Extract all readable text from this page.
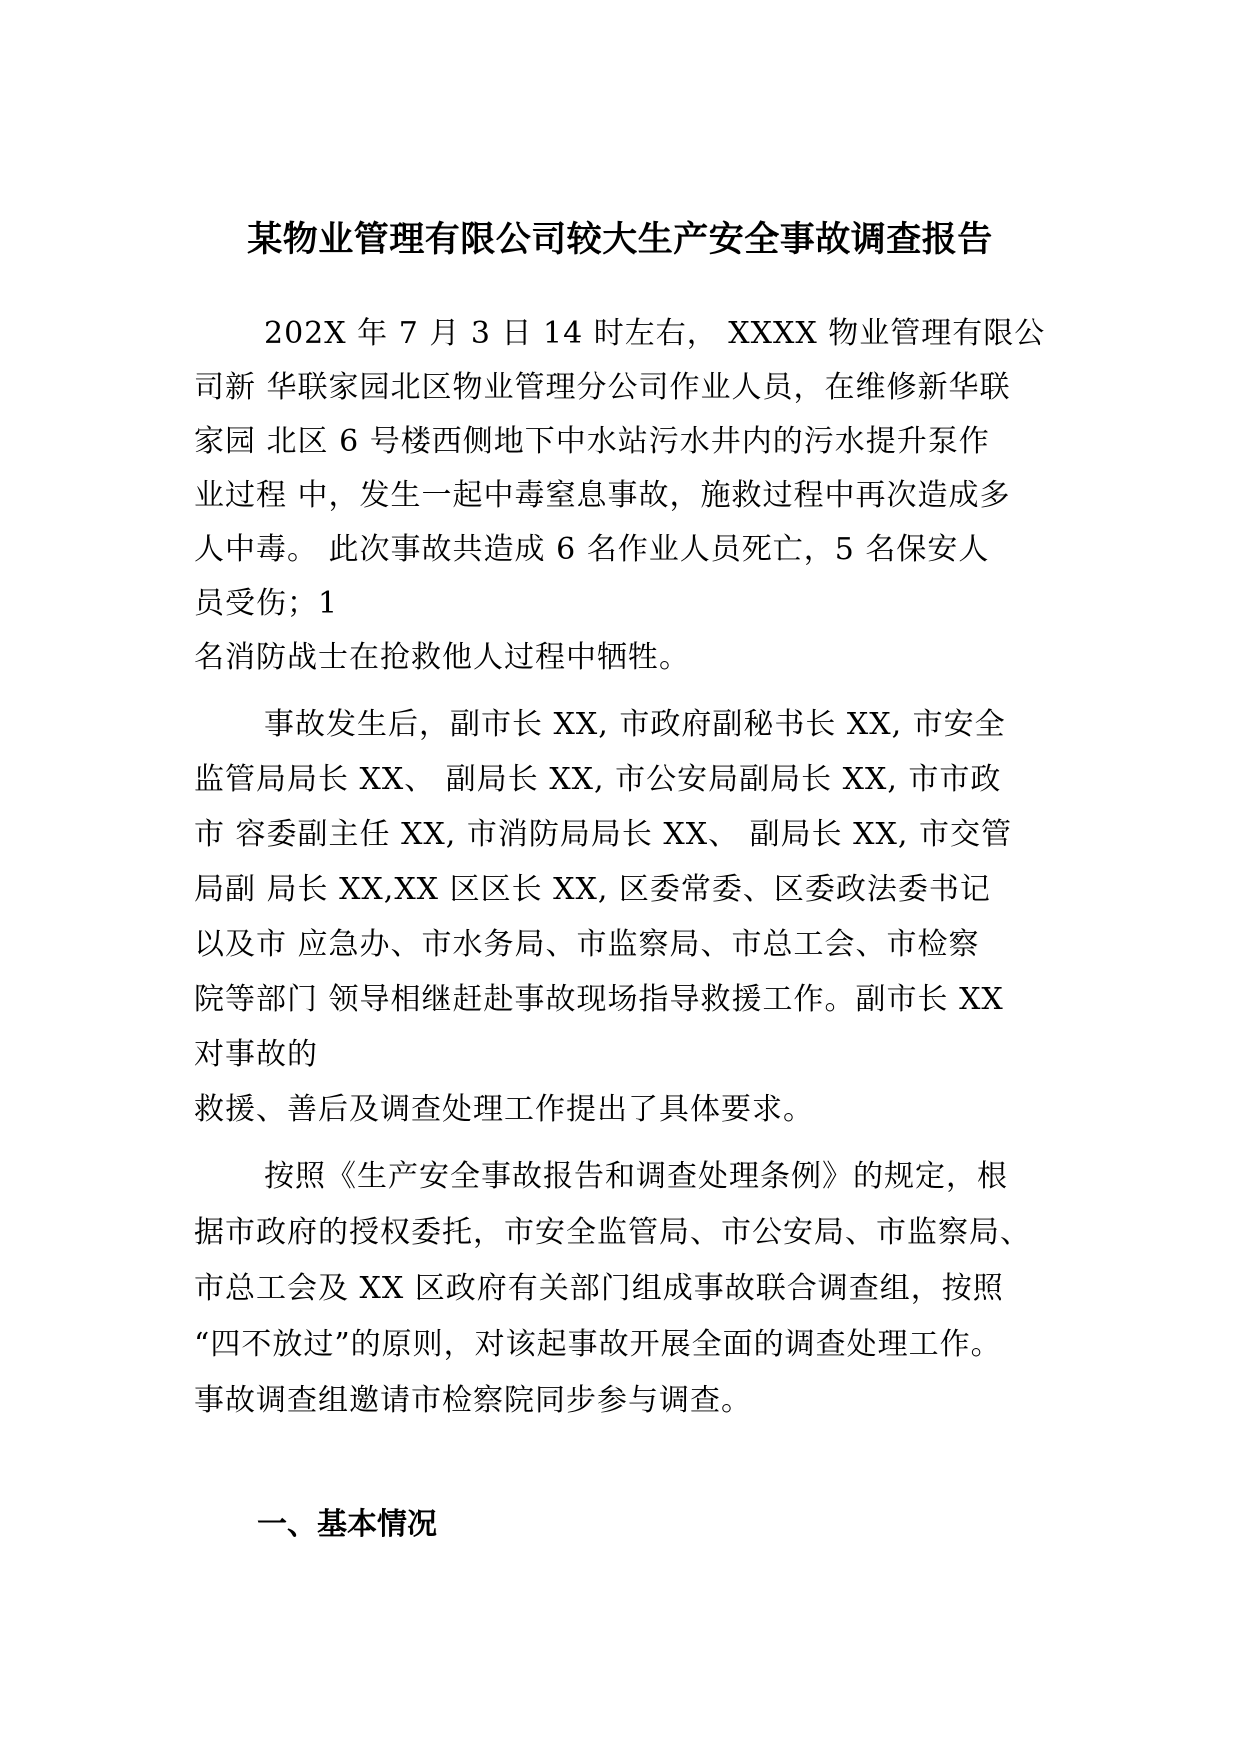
某物业管理有限公司较大生产安全事故调查报告

202X 年 7 月 3 日 14 时左右， XXXX 物业管理有限公

司新 华联家园北区物业管理分公司作业人员，在维修新华联

家园 北区 6 号楼西侧地下中水站污水井内的污水提升泵作

业过程 中，发生一起中毒窒息事故，施救过程中再次造成多

人中毒。 此次事故共造成 6 名作业人员死亡，5 名保安人

员受伤；1

名消防战士在抢救他人过程中牺牲。

事故发生后，副市长 XX, 市政府副秘书长 XX, 市安全

监管局局长 XX、 副局长 XX, 市公安局副局长 XX, 市市政

市 容委副主任 XX, 市消防局局长 XX、 副局长 XX, 市交管

局副 局长 XX,XX 区区长 XX, 区委常委、区委政法委书记

以及市 应急办、市水务局、市监察局、市总工会、市检察

院等部门 领导相继赶赴事故现场指导救援工作。副市长 XX

对事故的

救援、善后及调查处理工作提出了具体要求。

按照《生产安全事故报告和调查处理条例》的规定，根

据市政府的授权委托，市安全监管局、市公安局、市监察局、

市总工会及 XX 区政府有关部门组成事故联合调查组，按照

“四不放过”的原则，对该起事故开展全面的调查处理工作。

事故调查组邀请市检察院同步参与调查。

一、基本情况
